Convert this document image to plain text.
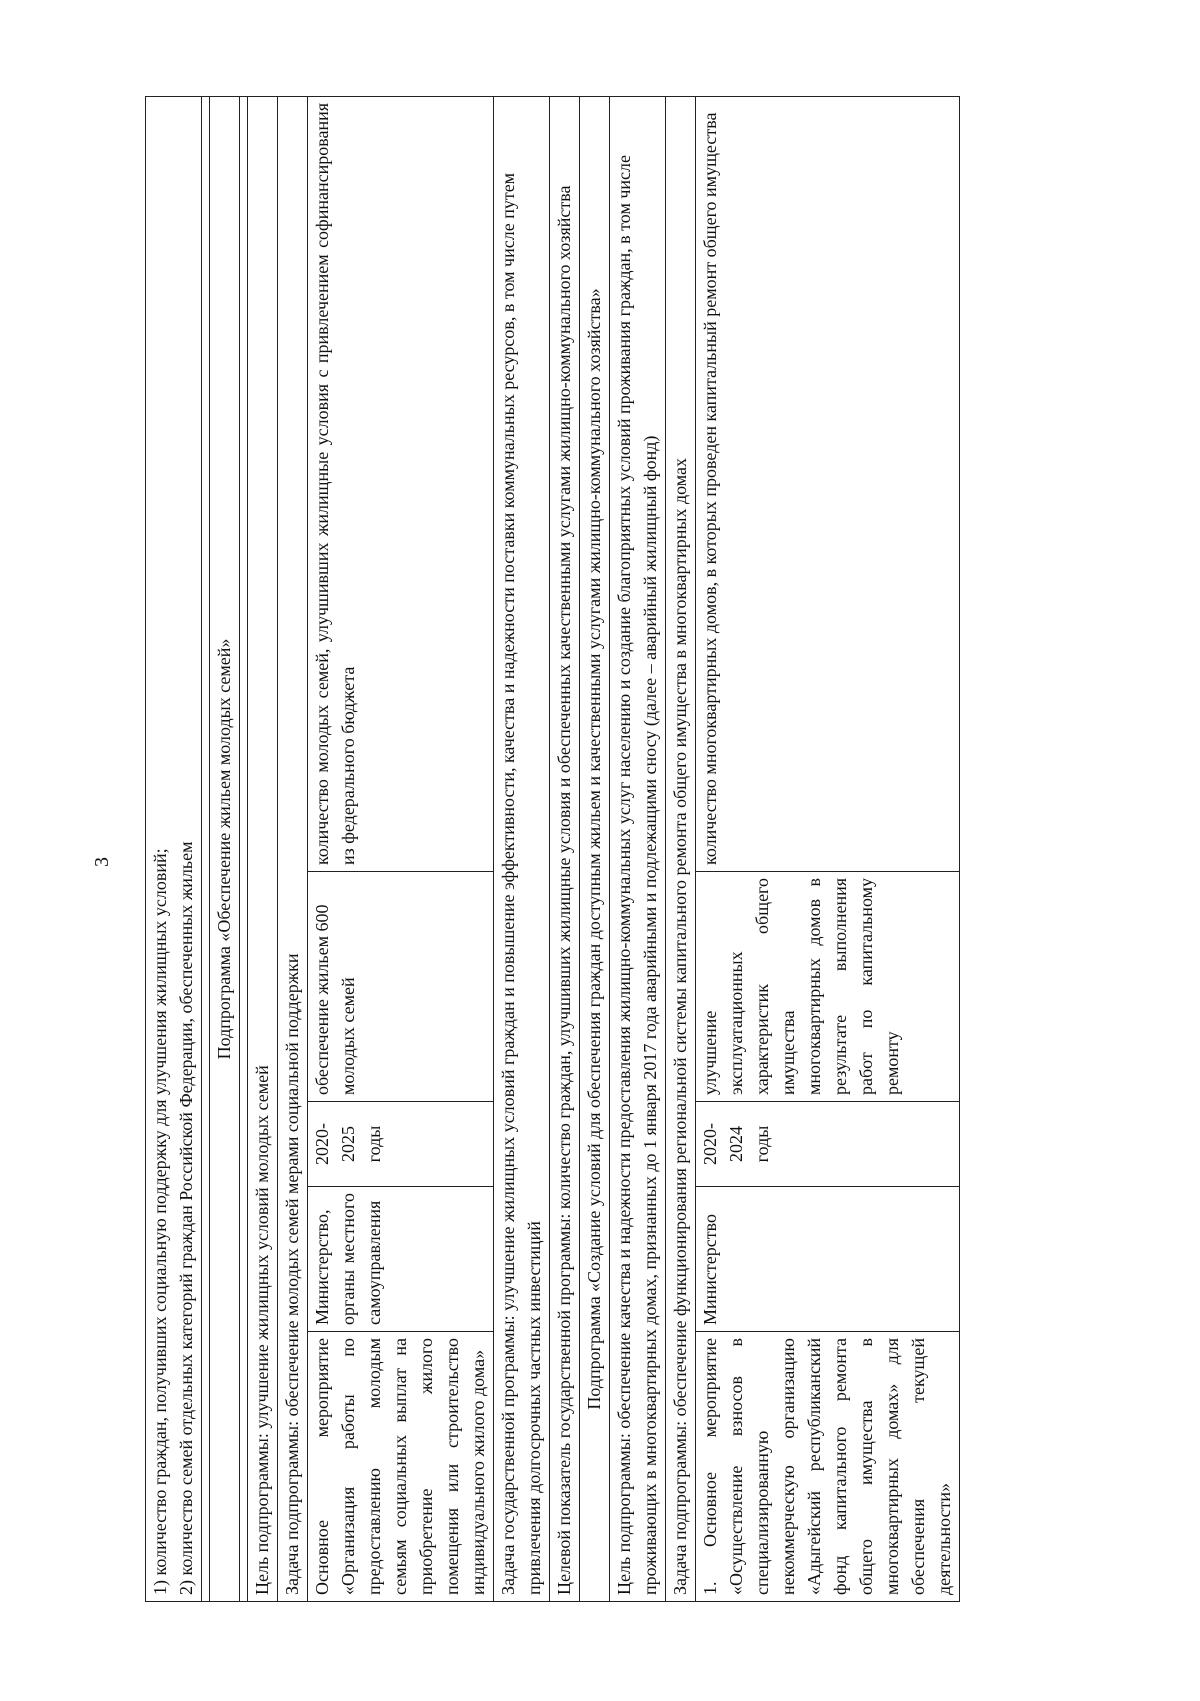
3 1) количество граждан, получивших социальную поддержку для улучшения жилищных условий; 2) количество семей отдельных категорий граждан Российской Федерации, обеспеченных жильем				

Подпрограмма «Обеспечение жильем молодых семей»				

Цель подпрограммы: улучшение жилищных условий молодых семей				
Задача подпрограммы: обеспечение молодых семей мерами социальной поддержки				
Основное мероприятие «Организация работы по предоставлению молодым семьям социальных выплат на приобретение жилого помещения или строительство индивидуального жилого дома»	Министерство, органы местного самоуправления	2020-2025 годы	обеспечение жильем 600 молодых семей	количество молодых семей, улучшивших жилищные условия с привлечением софинансирования из федерального бюджета
Задача государственной программы: улучшение жилищных условий граждан и повышение эффективности, качества и надежности поставки коммунальных ресурсов, в том числе путем привлечения долгосрочных частных инвестиций				
Целевой показатель государственной программы: количество граждан, улучшивших жилищные условия и обеспеченных качественными услугами жилищно-коммунального хозяйства				
Подпрограмма «Создание условий для обеспечения граждан доступным жильем и качественными услугами жилищно-коммунального хозяйства»				
Цель подпрограммы: обеспечение качества и надежности предоставления жилищно-коммунальных услуг населению и создание благоприятных условий проживания граждан, в том числе проживающих в многоквартирных домах, признанных до 1 января 2017 года аварийными и подлежащими сносу (далее – аварийный жилищный фонд)				
Задача подпрограммы: обеспечение функционирования региональной системы капитального ремонта общего имущества в многоквартирных домах				
1. Основное мероприятие «Осуществление взносов в специализированную некоммерческую организацию «Адыгейский республиканский фонд капитального ремонта общего имущества в многоквартирных домах» для обеспечения текущей деятельности»	Министерство	2020-2024 годы	улучшение эксплуатационных характеристик общего имущества многоквартирных домов в результате выполнения работ по капитальному ремонту	количество многоквартирных домов, в которых проведен капитальный ремонт общего имущества
